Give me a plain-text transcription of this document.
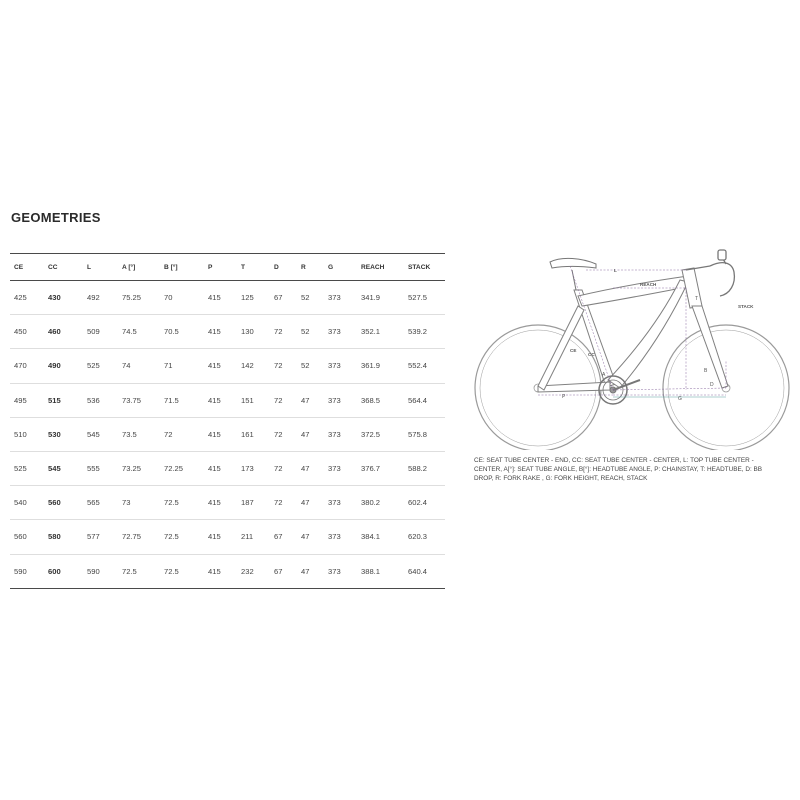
GEOMETRIES
CE	CC	L	A [°]	B [°]	P	T	D	R	G	REACH	STACK
425	430	492	75.25	70	415	125	67	52	373	341.9	527.5
450	460	509	74.5	70.5	415	130	72	52	373	352.1	539.2
470	490	525	74	71	415	142	72	52	373	361.9	552.4
495	515	536	73.75	71.5	415	151	72	47	373	368.5	564.4
510	530	545	73.5	72	415	161	72	47	373	372.5	575.8
525	545	555	73.25	72.25	415	173	72	47	373	376.7	588.2
540	560	565	73	72.5	415	187	72	47	373	380.2	602.4
560	580	577	72.75	72.5	415	211	67	47	373	384.1	620.3
590	600	590	72.5	72.5	415	232	67	47	373	388.1	640.4
L
REACH
STACK
CE
CC
P
T
B
D
G
A
CE: SEAT TUBE CENTER - END, CC: SEAT TUBE CENTER - CENTER, L: TOP TUBE CENTER - CENTER, A[°]: SEAT TUBE ANGLE, B[°]: HEADTUBE ANGLE, P: CHAINSTAY, T: HEADTUBE, D: BB DROP, R: FORK RAKE , G: FORK HEIGHT, REACH, STACK
